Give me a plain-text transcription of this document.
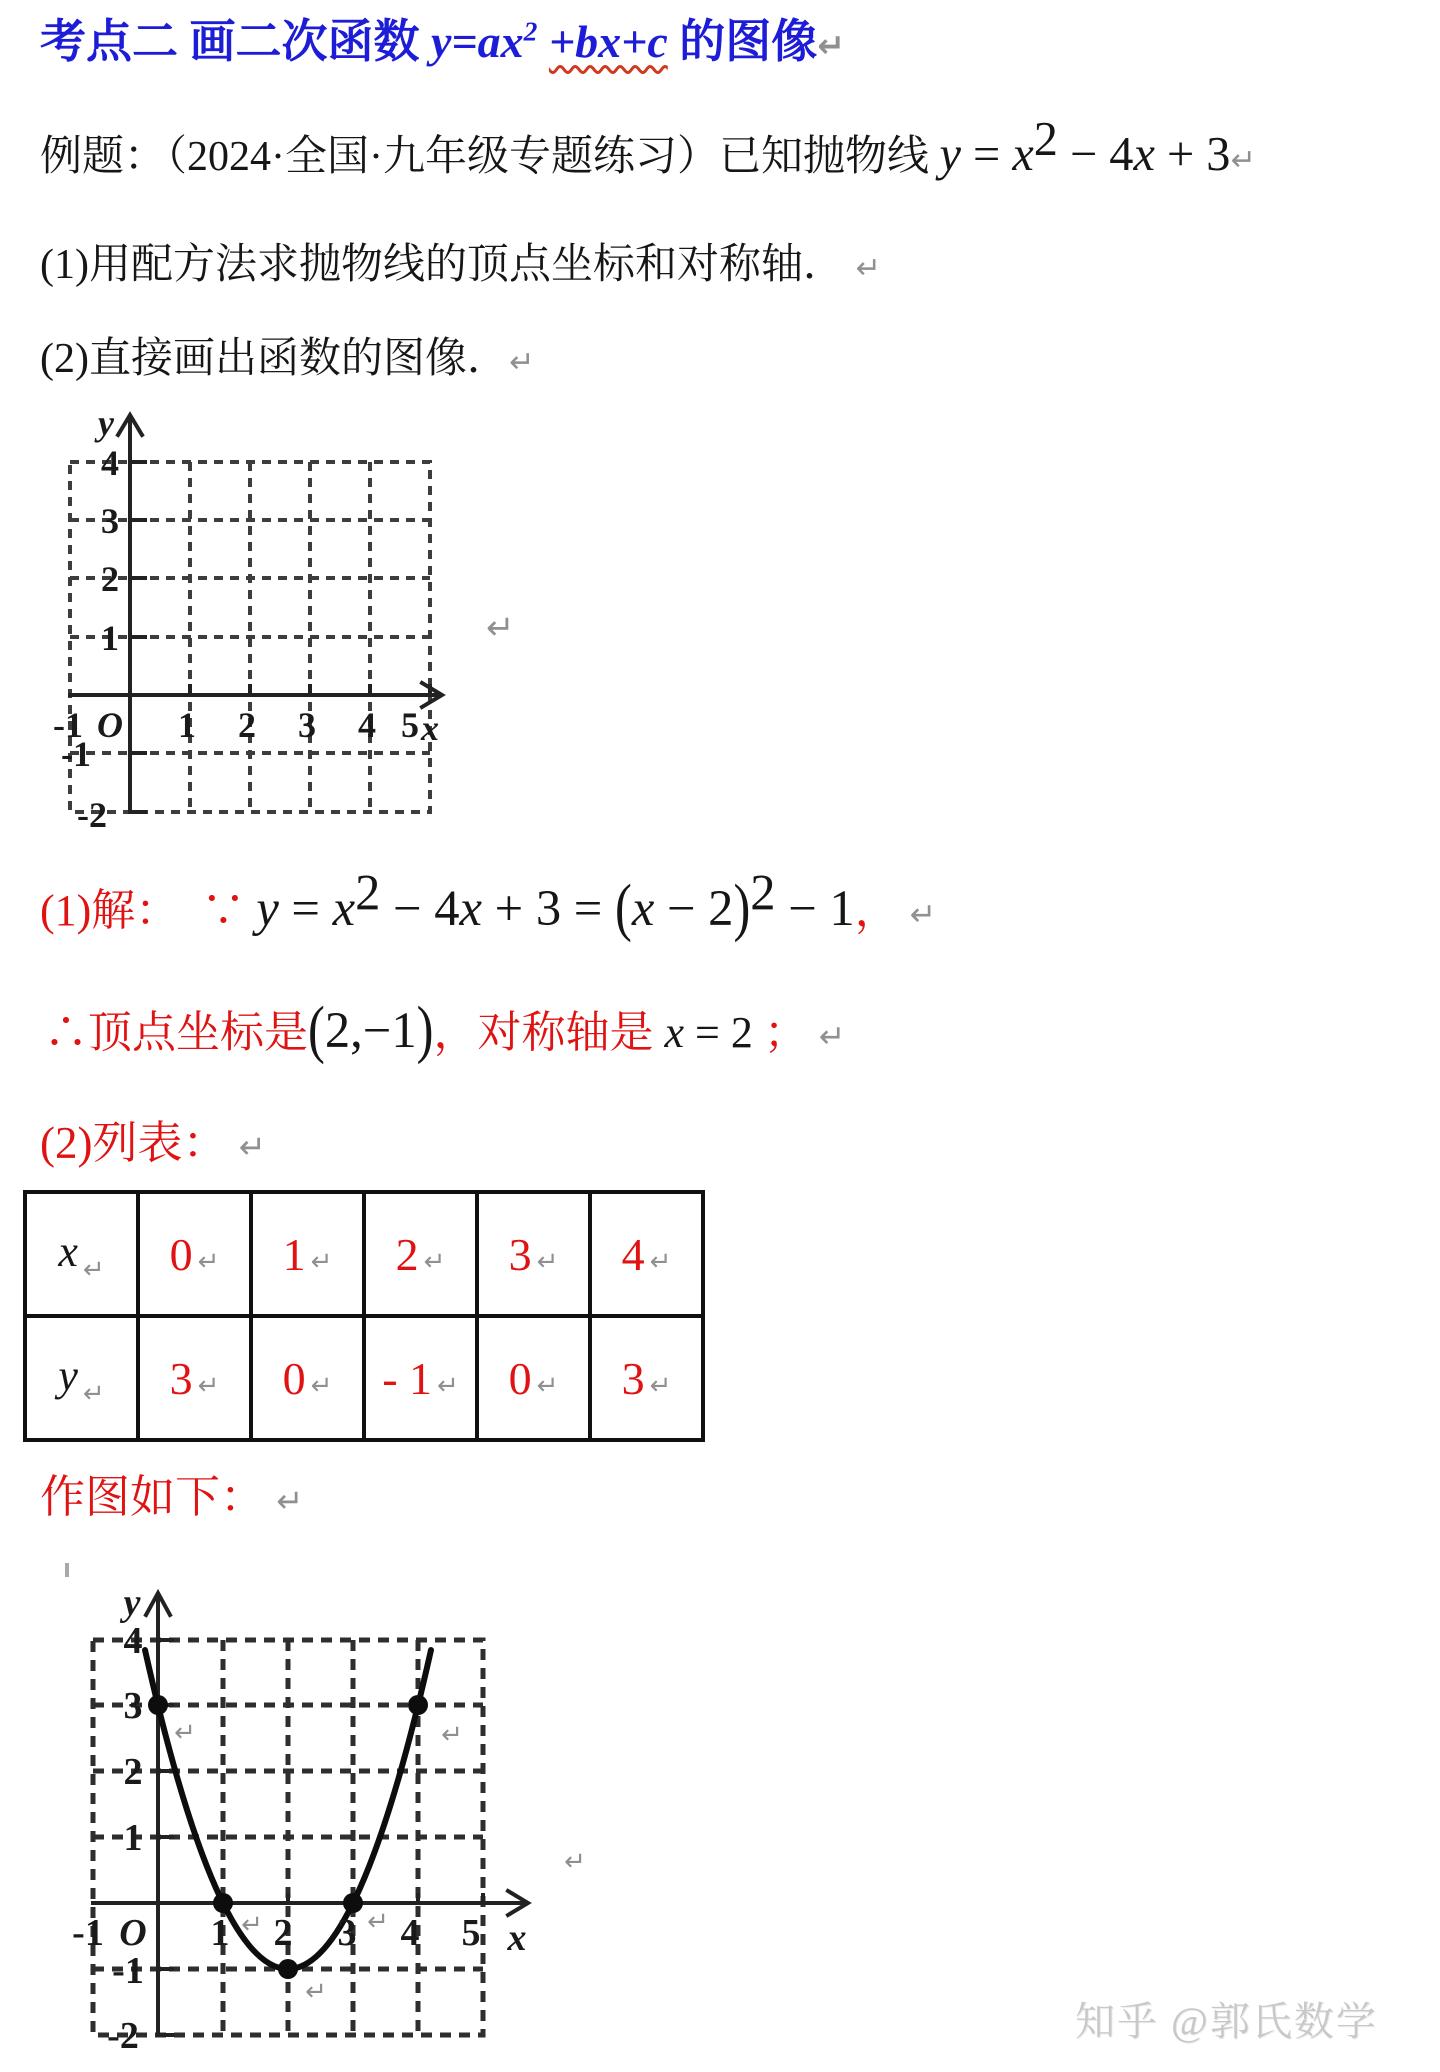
考点二 画二次函数 $y=ax^2 +bx+c$ 的图像↵
例题：（2024·全国·九年级专题练习）已知抛物线 y = x2 − 4x + 3↵
(1)用配方法求抛物线的顶点坐标和对称轴． ↵
(2)直接画出函数的图像．↵
y
4
3
2
1
-1
-2
-1 O 1 2 3 4 5 x
↵
(1)解： ∵ y = x2 − 4x + 3 = (x − 2)2 − 1， ↵
∴顶点坐标是(2,−1)，对称轴是 x = 2 ； ↵
(2)列表： ↵
x $_↵$	0 ↵	1 ↵	2 ↵	3 ↵	4 ↵
y $_↵$	3 ↵	0 ↵	- 1 ↵	0 ↵	3 ↵
作图如下： ↵
y
4
3
2
1
-1
-2
-1 O 1 2 3 4 5 x
↵	↵
↵	↵
↵
↵
知乎 @郭氏数学
